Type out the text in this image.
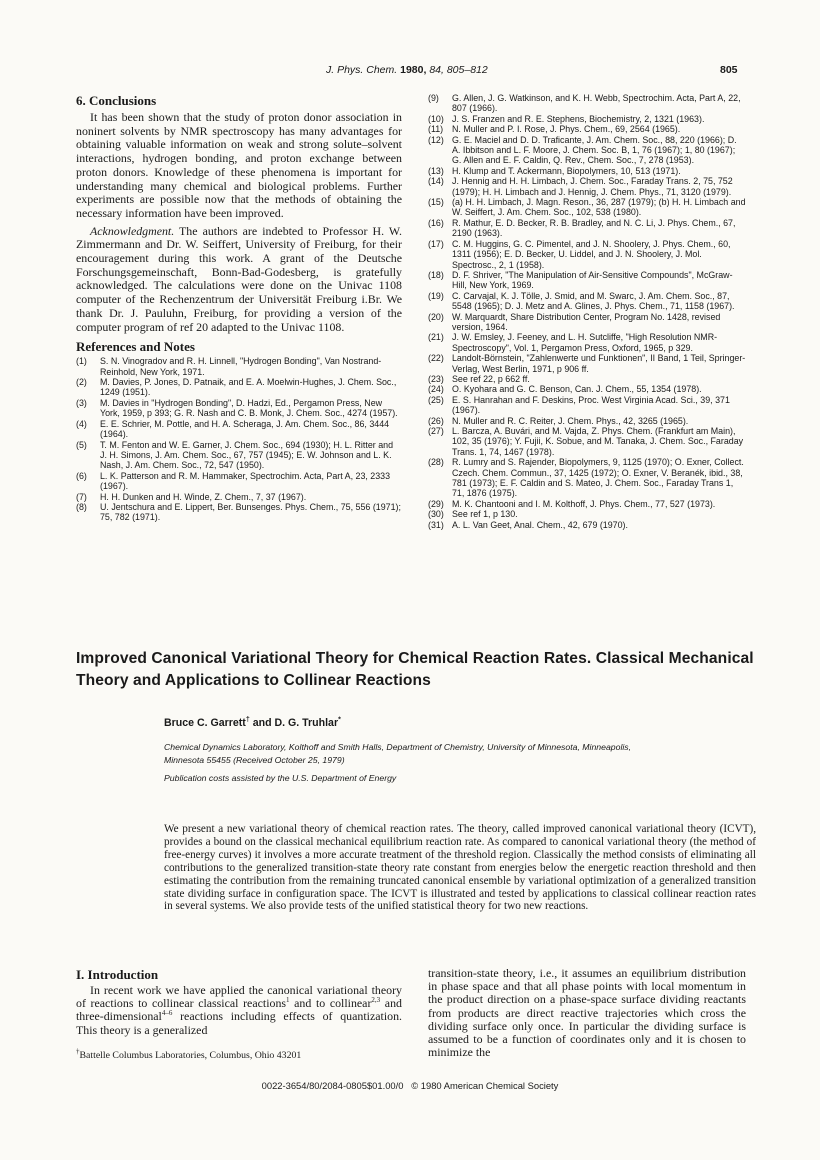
J. Phys. Chem. 1980, 84, 805–812	805
6. Conclusions

It has been shown that the study of proton donor association in noninert solvents by NMR spectroscopy has many advantages for obtaining valuable information on weak and strong solute–solvent interactions, hydrogen bonding, and proton exchange between proton donors. Knowledge of these phenomena is important for understanding many chemical and biological problems. Further experiments are possible now that the methods of obtaining the necessary information have been improved.

Acknowledgment. The authors are indebted to Professor H. W. Zimmermann and Dr. W. Seiffert, University of Freiburg, for their encouragement during this work. A grant of the Deutsche Forschungsgemeinschaft, Bonn-Bad-Godesberg, is gratefully acknowledged. The calculations were done on the Univac 1108 computer of the Rechenzentrum der Universität Freiburg i.Br. We thank Dr. J. Pauluhn, Freiburg, for providing a version of the computer program of ref 20 adapted to the Univac 1108.

References and Notes
(1)	S. N. Vinogradov and R. H. Linnell, "Hydrogen Bonding", Van Nostrand-Reinhold, New York, 1971.
(2)	M. Davies, P. Jones, D. Patnaik, and E. A. Moelwin-Hughes, J. Chem. Soc., 1249 (1951).
(3)	M. Davies in "Hydrogen Bonding", D. Hadzi, Ed., Pergamon Press, New York, 1959, p 393; G. R. Nash and C. B. Monk, J. Chem. Soc., 4274 (1957).
(4)	E. E. Schrier, M. Pottle, and H. A. Scheraga, J. Am. Chem. Soc., 86, 3444 (1964).
(5)	T. M. Fenton and W. E. Garner, J. Chem. Soc., 694 (1930); H. L. Ritter and J. H. Simons, J. Am. Chem. Soc., 67, 757 (1945); E. W. Johnson and L. K. Nash, J. Am. Chem. Soc., 72, 547 (1950).
(6)	L. K. Patterson and R. M. Hammaker, Spectrochim. Acta, Part A, 23, 2333 (1967).
(7)	H. H. Dunken and H. Winde, Z. Chem., 7, 37 (1967).
(8)	U. Jentschura and E. Lippert, Ber. Bunsenges. Phys. Chem., 75, 556 (1971); 75, 782 (1971).
(9)	G. Allen, J. G. Watkinson, and K. H. Webb, Spectrochim. Acta, Part A, 22, 807 (1966).
(10) J. S. Franzen and R. E. Stephens, Biochemistry, 2, 1321 (1963).
(11) N. Muller and P. I. Rose, J. Phys. Chem., 69, 2564 (1965).
(12) G. E. Maciel and D. D. Traficante, J. Am. Chem. Soc., 88, 220 (1966); D. A. Ibbitson and L. F. Moore, J. Chem. Soc. B, 1, 76 (1967); 1, 80 (1967); G. Allen and E. F. Caldin, Q. Rev., Chem. Soc., 7, 278 (1953).
(13) H. Klump and T. Ackermann, Biopolymers, 10, 513 (1971).
(14) J. Hennig and H. H. Limbach, J. Chem. Soc., Faraday Trans. 2, 75, 752 (1979); H. H. Limbach and J. Hennig, J. Chem. Phys., 71, 3120 (1979).
(15) (a) H. H. Limbach, J. Magn. Reson., 36, 287 (1979); (b) H. H. Limbach and W. Seiffert, J. Am. Chem. Soc., 102, 538 (1980).
(16) R. Mathur, E. D. Becker, R. B. Bradley, and N. C. Li, J. Phys. Chem., 67, 2190 (1963).
(17) C. M. Huggins, G. C. Pimentel, and J. N. Shoolery, J. Phys. Chem., 60, 1311 (1956); E. D. Becker, U. Liddel, and J. N. Shoolery, J. Mol. Spectrosc., 2, 1 (1958).
(18) D. F. Shriver, "The Manipulation of Air-Sensitive Compounds", McGraw-Hill, New York, 1969.
(19) C. Carvajal, K. J. Tölle, J. Smid, and M. Swarc, J. Am. Chem. Soc., 87, 5548 (1965); D. J. Metz and A. Glines, J. Phys. Chem., 71, 1158 (1967).
(20) W. Marquardt, Share Distribution Center, Program No. 1428, revised version, 1964.
(21) J. W. Emsley, J. Feeney, and L. H. Sutcliffe, "High Resolution NMR-Spectroscopy", Vol. 1, Pergamon Press, Oxford, 1965, p 329.
(22) Landolt-Börnstein, "Zahlenwerte und Funktionen", II Band, 1 Teil, Springer-Verlag, West Berlin, 1971, p 906 ff.
(23) See ref 22, p 662 ff.
(24) O. Kyohara and G. C. Benson, Can. J. Chem., 55, 1354 (1978).
(25) E. S. Hanrahan and F. Deskins, Proc. West Virginia Acad. Sci., 39, 371 (1967).
(26) N. Muller and R. C. Reiter, J. Chem. Phys., 42, 3265 (1965).
(27) L. Barcza, A. Buvári, and M. Vajda, Z. Phys. Chem. (Frankfurt am Main), 102, 35 (1976); Y. Fujii, K. Sobue, and M. Tanaka, J. Chem. Soc., Faraday Trans. 1, 74, 1467 (1978).
(28) R. Lumry and S. Rajender, Biopolymers, 9, 1125 (1970); O. Exner, Collect. Czech. Chem. Commun., 37, 1425 (1972); O. Exner, V. Beranék, ibid., 38, 781 (1973); E. F. Caldin and S. Mateo, J. Chem. Soc., Faraday Trans 1, 71, 1876 (1975).
(29) M. K. Chantooni and I. M. Kolthoff, J. Phys. Chem., 77, 527 (1973).
(30) See ref 1, p 130.
(31) A. L. Van Geet, Anal. Chem., 42, 679 (1970).
Improved Canonical Variational Theory for Chemical Reaction Rates. Classical Mechanical Theory and Applications to Collinear Reactions
Bruce C. Garrett† and D. G. Truhlar*
Chemical Dynamics Laboratory, Kolthoff and Smith Halls, Department of Chemistry, University of Minnesota, Minneapolis, Minnesota 55455 (Received October 25, 1979)
Publication costs assisted by the U.S. Department of Energy

We present a new variational theory of chemical reaction rates. The theory, called improved canonical variational theory (ICVT), provides a bound on the classical mechanical equilibrium reaction rate. As compared to canonical variational theory (the method of free-energy curves) it involves a more accurate treatment of the threshold region. Classically the method consists of eliminating all contributions to the generalized transition-state theory rate constant from energies below the energetic reaction threshold and then estimating the contribution from the remaining truncated canonical ensemble by variational optimization of a generalized transition state dividing surface in configuration space. The ICVT is illustrated and tested by applications to classical collinear reaction rates in several systems. We also provide tests of the unified statistical theory for two new reactions.

I. Introduction

In recent work we have applied the canonical variational theory of reactions to collinear classical reactions$^1$ and to collinear$^{2,3}$ and three-dimensional$^{4-6}$ reactions including effects of quantization. This theory is a generalized

transition-state theory, i.e., it assumes an equilibrium distribution in phase space and that all phase points with local momentum in the product direction on a phase-space surface dividing reactants from products are direct reactive trajectories which cross the dividing surface only once. In particular the dividing surface is assumed to be a function of coordinates only and it is chosen to minimize the

†Battelle Columbus Laboratories, Columbus, Ohio 43201
0022-3654/80/2084-0805$01.00/0 © 1980 American Chemical Society
